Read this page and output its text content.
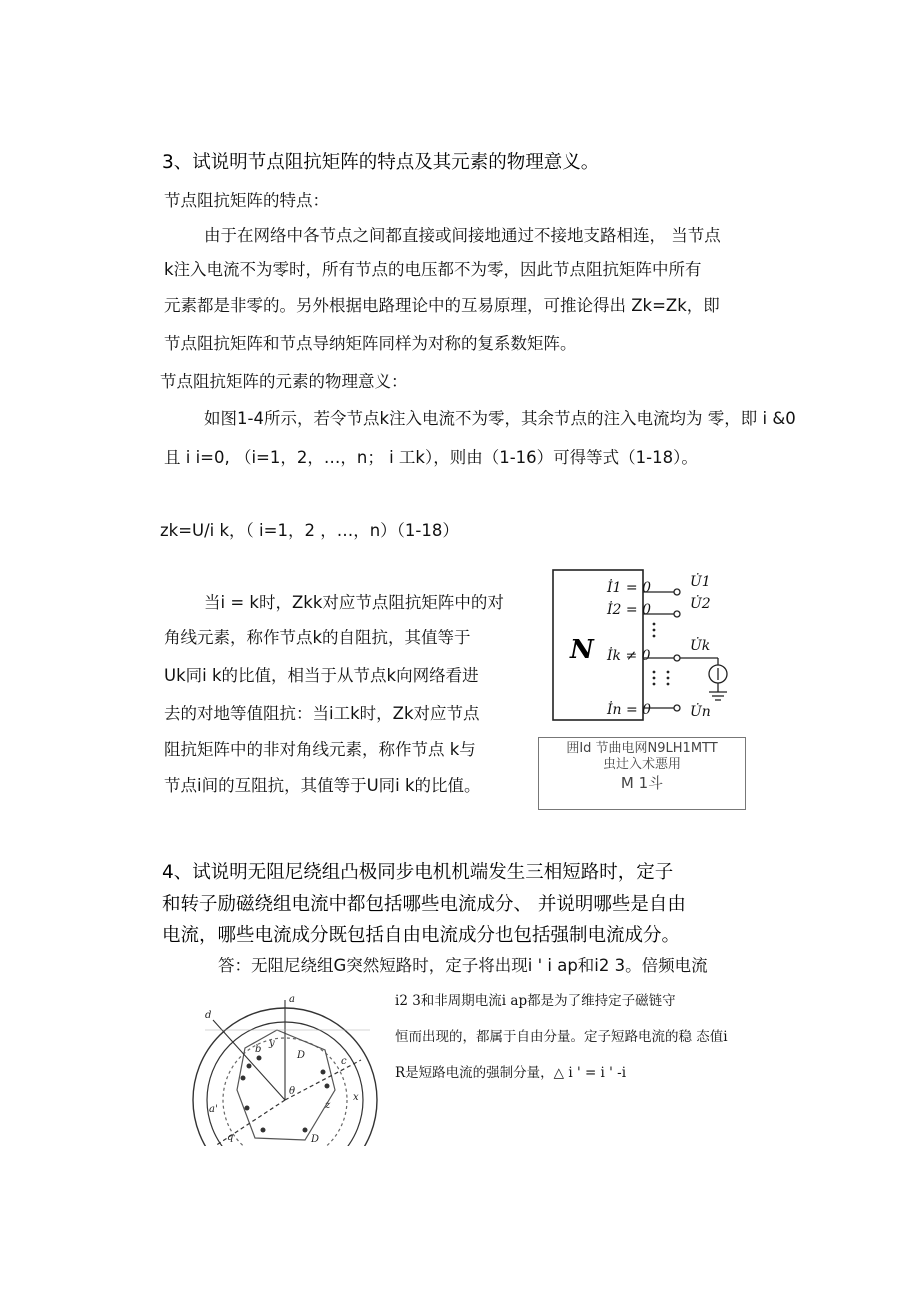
3、试说明节点阻抗矩阵的特点及其元素的物理意义。
节点阻抗矩阵的特点：
由于在网络中各节点之间都直接或间接地通过不接地支路相连， 当节点
k注入电流不为零时，所有节点的电压都不为零，因此节点阻抗矩阵中所有
元素都是非零的。另外根据电路理论中的互易原理，可推论得出 Zk=Zk，即
节点阻抗矩阵和节点导纳矩阵同样为对称的复系数矩阵。
节点阻抗矩阵的元素的物理意义：
如图1-4所示，若令节点k注入电流不为零，其余节点的注入电流均为 零，即 i &0
且 i i=0, （i=1，2，…，n； i 工k），则由（1-16）可得等式（1-18）。
zk=U/i k，（ i=1，2 ，…，n）（1-18）
当i = k时，Zkk对应节点阻抗矩阵中的对
角线元素，称作节点k的自阻抗，其值等于
Uk同i k的比值，相当于从节点k向网络看进
去的对地等值阻抗：当i工k时，Zk对应节点
阻抗矩阵中的非对角线元素，称作节点 k与
节点i间的互阻抗，其值等于U同i k的比值。
N
İ1 = 0
İ2 = 0
İk ≠ 0
İn = 0
U̇1
U̇2
U̇k
U̇n
囲Id 节曲电网N9LH1MTT
虫辻入术悪用
M 1斗
4、试说明无阻尼绕组凸极同步电机机端发生三相短路时，定子
和转子励磁绕组电流中都包括哪些电流成分、 并说明哪些是自由
电流，哪些电流成分既包括自由电流成分也包括强制电流成分。
答：无阻尼绕组G突然短路时，定子将出现i ' i ap和i2 3。倍频电流
i2 3和非周期电流i ap都是为了维持定子磁链守
恒而出现的，都属于自由分量。定子短路电流的稳 态值i
R是短路电流的强制分量，△ i ' = i ' -i
a
d
b
c
x
y
z
q
D
D
θ
a'
